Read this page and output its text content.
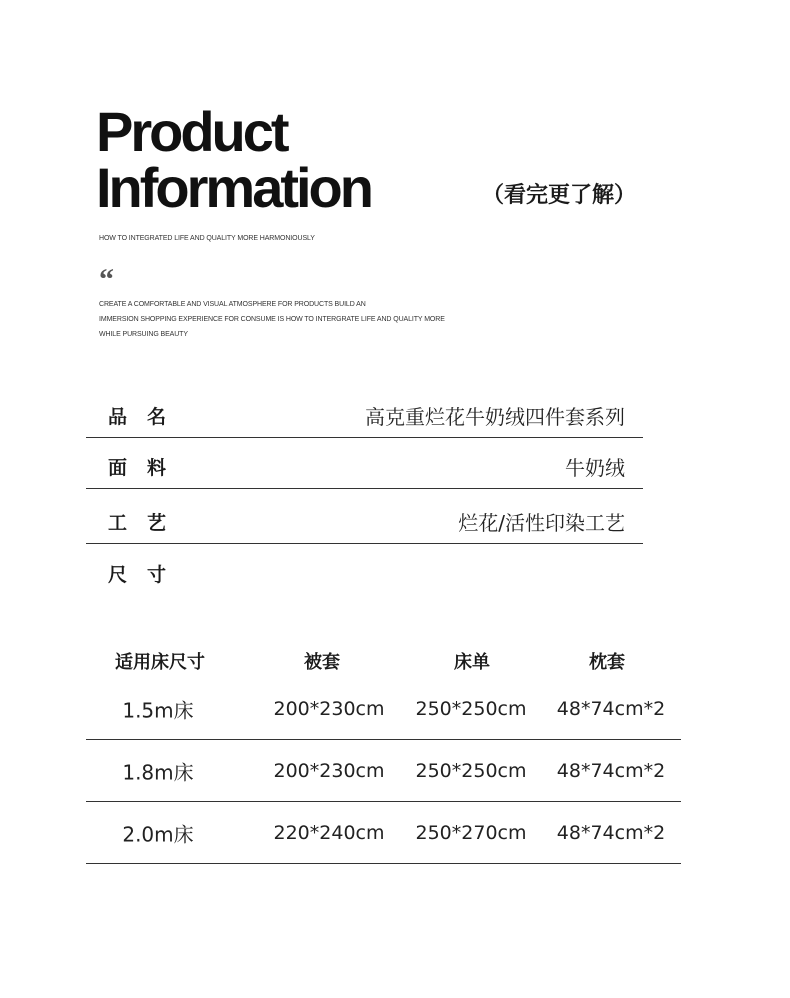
Product
Information	（看完更了解）
HOW TO INTEGRATED LIFE AND QUALITY MORE HARMONIOUSLY
“
CREATE A COMFORTABLE AND VISUAL ATMOSPHERE FOR PRODUCTS BUILD AN
IMMERSION SHOPPING EXPERIENCE FOR CONSUME IS HOW TO INTERGRATE LIFE AND QUALITY MORE
WHILE PURSUING BEAUTY
品名	高克重烂花牛奶绒四件套系列
面料	牛奶绒
工艺	烂花/活性印染工艺
尺寸
适用床尺寸	被套	床单	枕套
1.5m床	200*230cm 250*250cm 48*74cm*2
1.8m床	200*230cm 250*250cm 48*74cm*2
2.0m床	220*240cm 250*270cm 48*74cm*2
